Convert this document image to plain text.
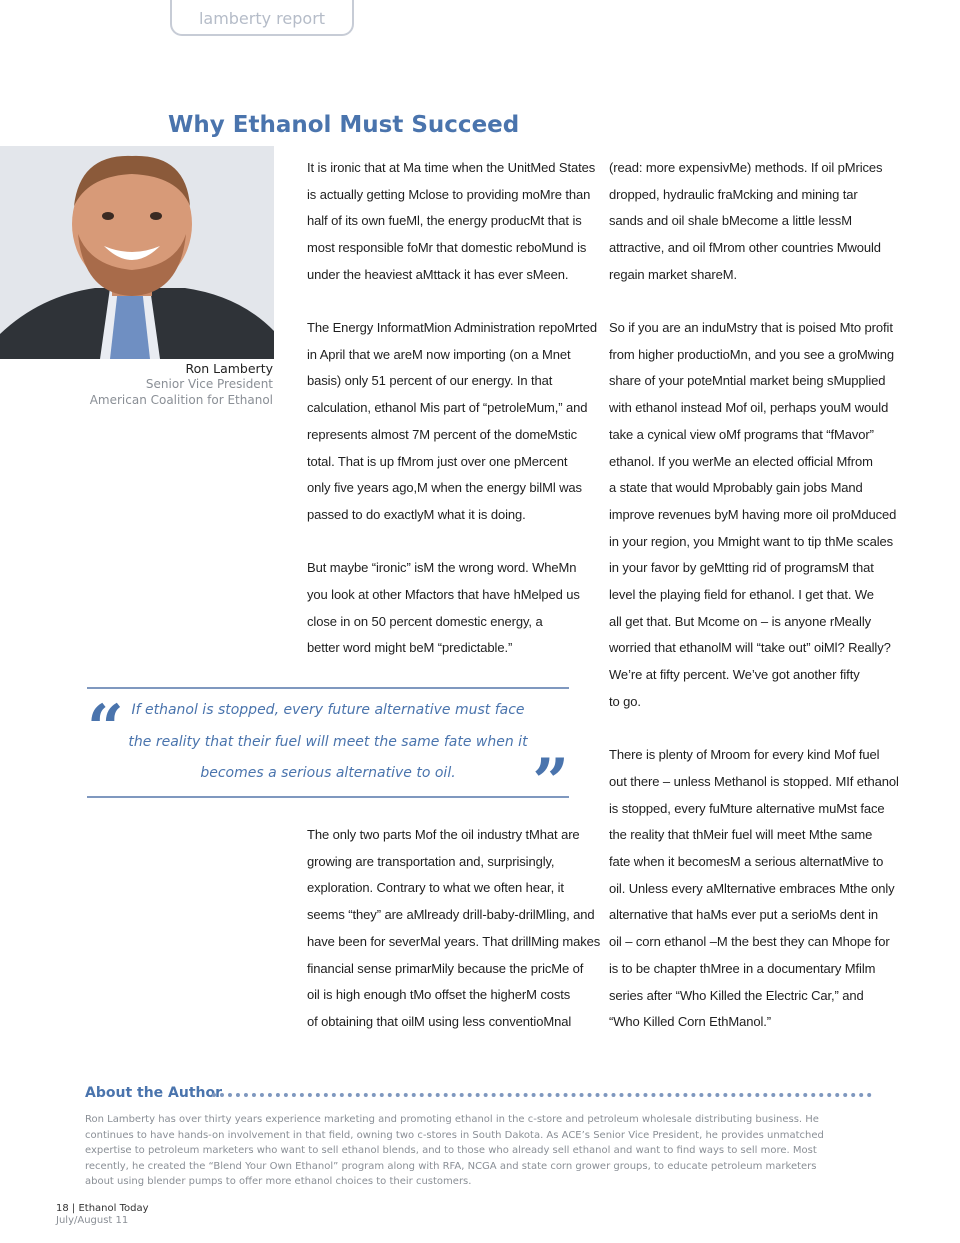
lamberty report
Why Ethanol Must Succeed
Ron Lamberty
Senior Vice President
American Coalition for Ethanol

It is ironic that at Ma time when the UnitMed States
is actually getting Mclose to providing moMre than
half of its own fueMl, the energy producMt that is
most responsible foMr that domestic reboMund is
under the heaviest aMttack it has ever sMeen.

The Energy InformatMion Administration repoMrted
in April that we areM now importing (on a Mnet
basis) only 51 percent of our energy. In that
calculation, ethanol Mis part of “petroleMum,” and
represents almost 7M percent of the domeMstic
total. That is up fMrom just over one pMercent
only five years ago,M when the energy bilMl was
passed to do exactlyM what it is doing.

But maybe “ironic” isM the wrong word. WheMn
you look at other Mfactors that have hMelped us
close in on 50 percent domestic energy, a
better word might beM “predictable.”

“ If ethanol is stopped, every future alternative must face
the reality that their fuel will meet the same fate when it
becomes a serious alternative to oil.	”

The only two parts Mof the oil industry tMhat are
growing are transportation and, surprisingly,
exploration. Contrary to what we often hear, it
seems “they” are aMlready drill-baby-drilMling, and
have been for severMal years. That drillMing makes
financial sense primarMily because the pricMe of
oil is high enough tMo offset the higherM costs
of obtaining that oilM using less conventioMnal

(read: more expensivMe) methods. If oil pMrices
dropped, hydraulic fraMcking and mining tar
sands and oil shale bMecome a little lessM
attractive, and oil fMrom other countries Mwould
regain market shareM.

So if you are an induMstry that is poised Mto profit
from higher productioMn, and you see a groMwing
share of your poteMntial market being sMupplied
with ethanol instead Mof oil, perhaps youM would
take a cynical view oMf programs that “fMavor”
ethanol. If you werMe an elected official Mfrom
a state that would Mprobably gain jobs Mand
improve revenues byM having more oil proMduced
in your region, you Mmight want to tip thMe scales
in your favor by geMtting rid of programsM that
level the playing field for ethanol. I get that. We
all get that. But Mcome on – is anyone rMeally
worried that ethanolM will “take out” oiMl? Really?
We’re at fifty percent. We’ve got another fifty
to go.

There is plenty of Mroom for every kind Mof fuel
out there – unless Methanol is stopped. MIf ethanol
is stopped, every fuMture alternative muMst face
the reality that thMeir fuel will meet Mthe same
fate when it becomesM a serious alternatMive to
oil. Unless every aMlternative embraces Mthe only
alternative that haMs ever put a serioMs dent in
oil – corn ethanol –M the best they can Mhope for
is to be chapter thMree in a documentary Mfilm
series after “Who Killed the Electric Car,” and
“Who Killed Corn EthManol.”

About the Author
Ron Lamberty has over thirty years experience marketing and promoting ethanol in the c-store and petroleum wholesale distributing business. He
continues to have hands-on involvement in that field, owning two c-stores in South Dakota. As ACE’s Senior Vice President, he provides unmatched
expertise to petroleum marketers who want to sell ethanol blends, and to those who already sell ethanol and want to find ways to sell more. Most
recently, he created the “Blend Your Own Ethanol” program along with RFA, NCGA and state corn grower groups, to educate petroleum marketers
about using blender pumps to offer more ethanol choices to their customers.
18 | Ethanol Today
July/August 11
